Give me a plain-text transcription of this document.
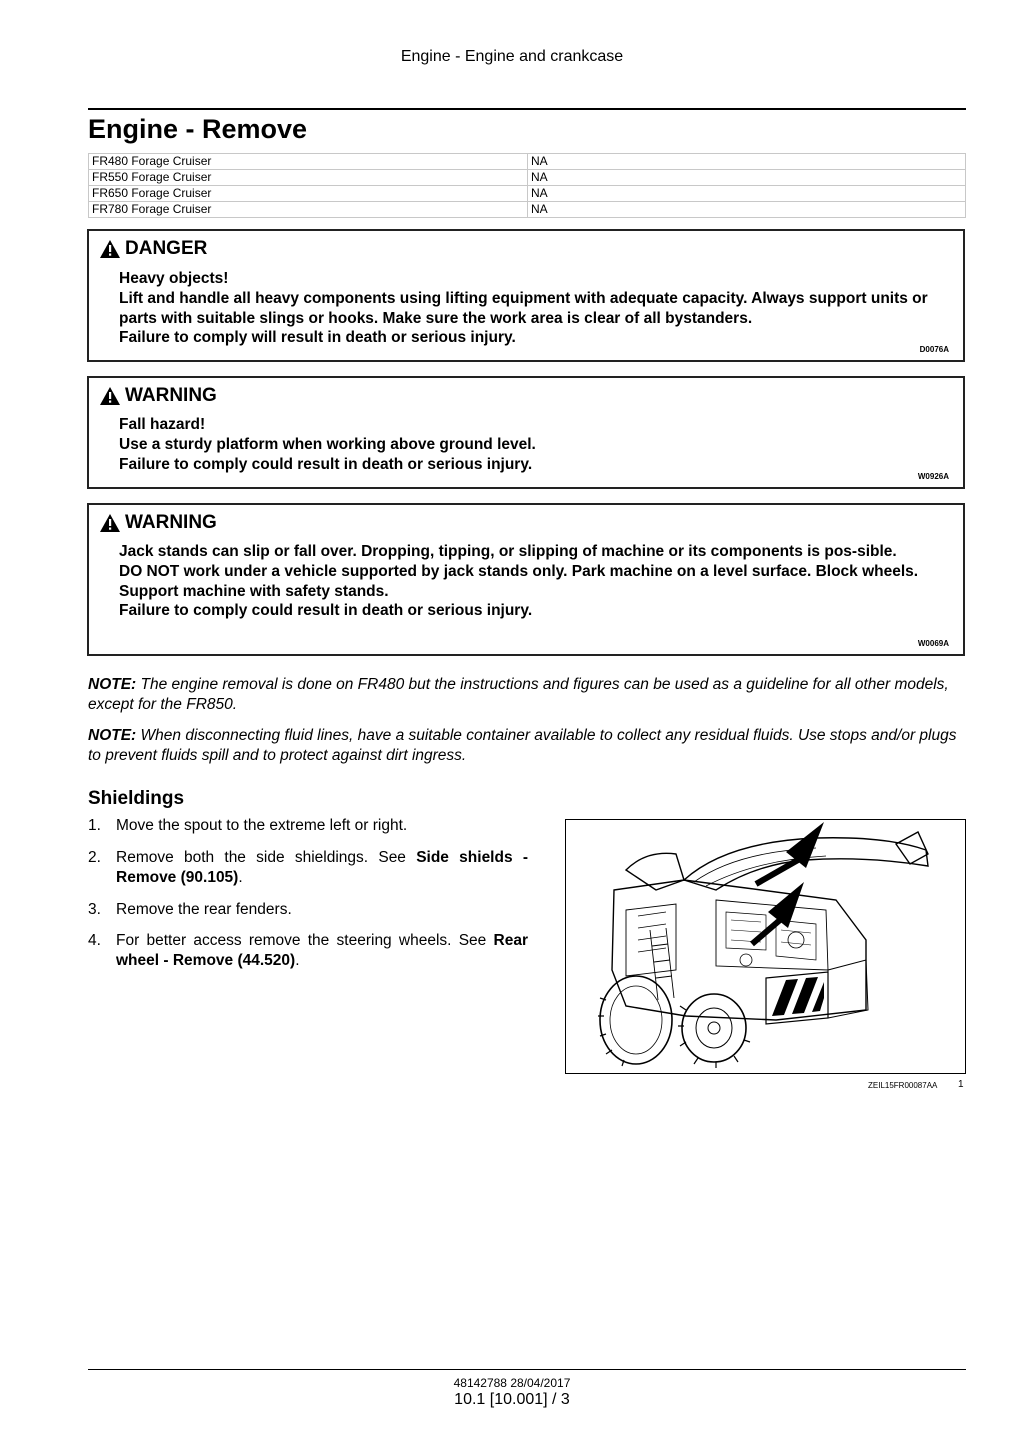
Engine - Engine and crankcase
Engine - Remove
FR480 Forage Cruiser	NA
FR550 Forage Cruiser	NA
FR650 Forage Cruiser	NA
FR780 Forage Cruiser	NA
DANGER
Heavy objects!
Lift and handle all heavy components using lifting equipment with adequate capacity. Always support units or parts with suitable slings or hooks. Make sure the work area is clear of all bystanders.
Failure to comply will result in death or serious injury.
D0076A
WARNING
Fall hazard!
Use a sturdy platform when working above ground level.
Failure to comply could result in death or serious injury.
W0926A
WARNING
Jack stands can slip or fall over. Dropping, tipping, or slipping of machine or its components is pos-sible.
DO NOT work under a vehicle supported by jack stands only. Park machine on a level surface. Block wheels. Support machine with safety stands.
Failure to comply could result in death or serious injury.
W0069A
NOTE: The engine removal is done on FR480 but the instructions and figures can be used as a guideline for all other models, except for the FR850.
NOTE: When disconnecting fluid lines, have a suitable container available to collect any residual fluids. Use stops and/or plugs to prevent fluids spill and to protect against dirt ingress.
Shieldings
1. Move the spout to the extreme left or right.
2. Remove both the side shieldings. See Side shields - Remove (90.105).
3. Remove the rear fenders.
4. For better access remove the steering wheels. See Rear wheel - Remove (44.520).
ZEIL15FR00087AA 1
48142788 28/04/2017
10.1 [10.001] / 3
